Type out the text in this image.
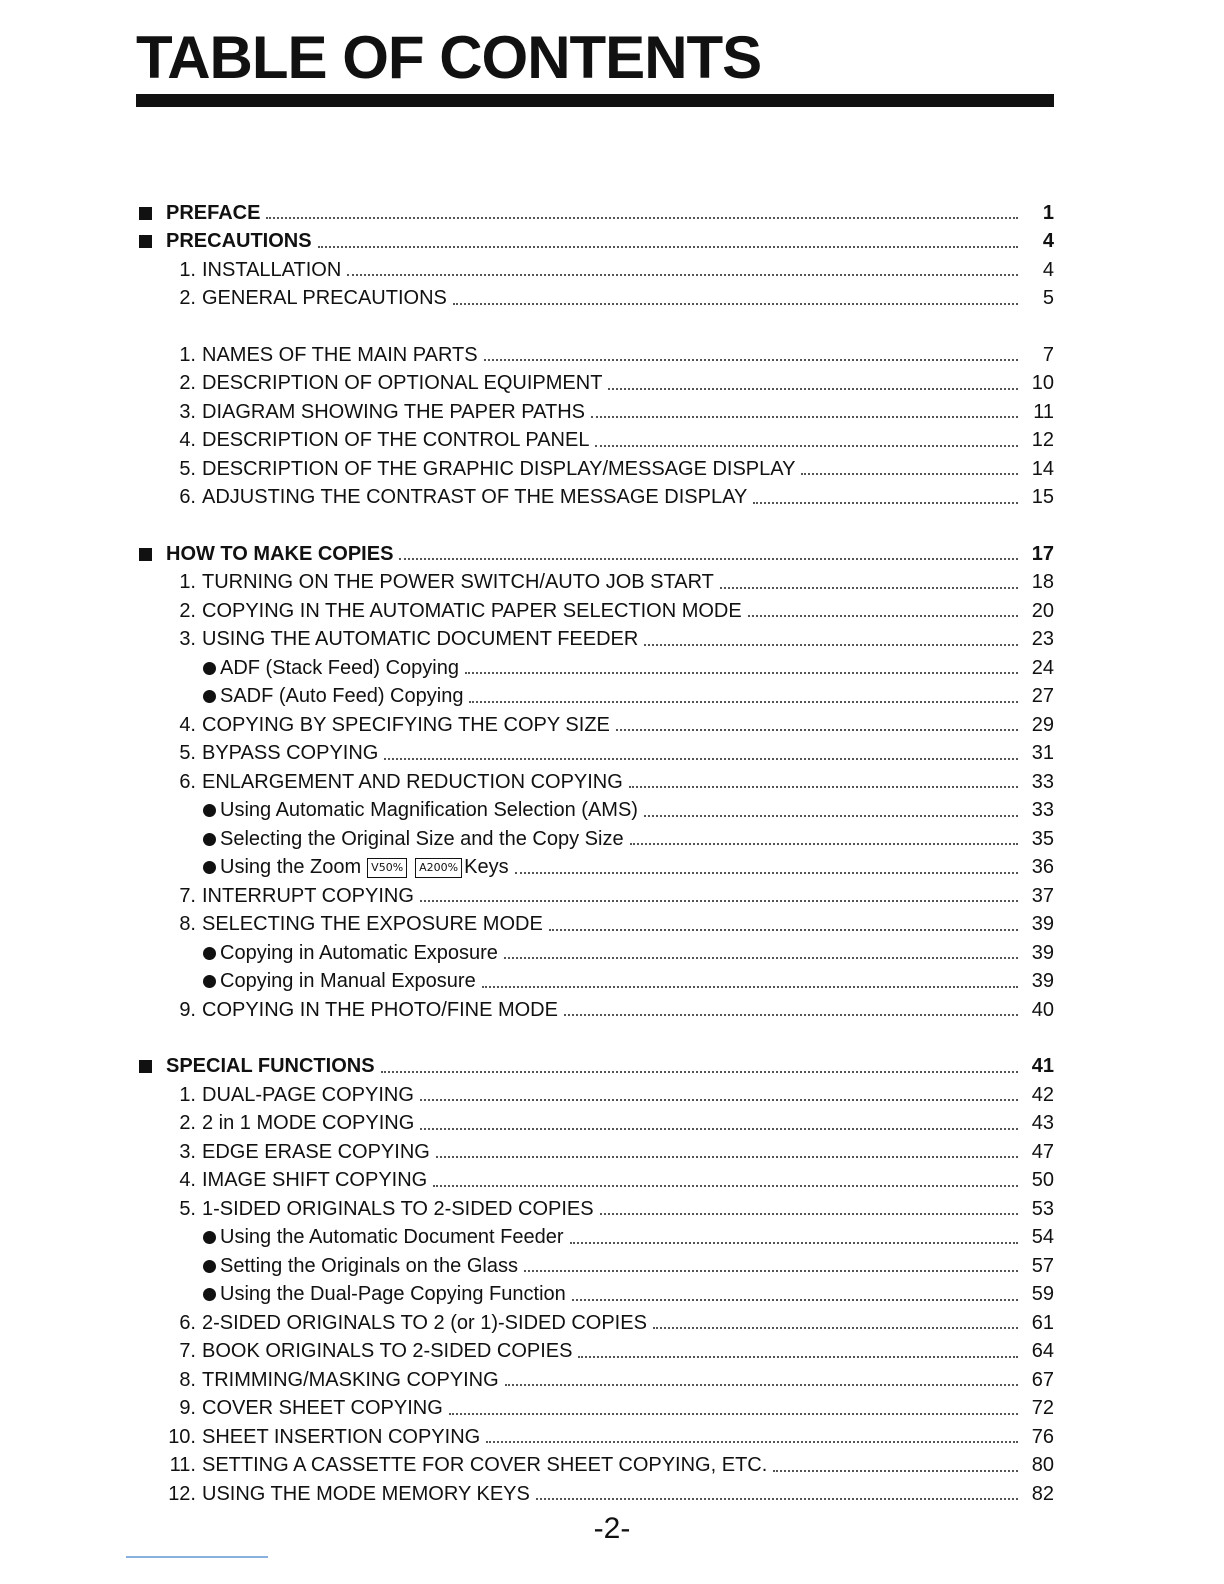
TABLE OF CONTENTS
PREFACE	1
PRECAUTIONS	4
1. INSTALLATION	4
2. GENERAL PRECAUTIONS	5
1. NAMES OF THE MAIN PARTS	7
2. DESCRIPTION OF OPTIONAL EQUIPMENT	10
3. DIAGRAM SHOWING THE PAPER PATHS	11
4. DESCRIPTION OF THE CONTROL PANEL	12
5. DESCRIPTION OF THE GRAPHIC DISPLAY/MESSAGE DISPLAY	14
6. ADJUSTING THE CONTRAST OF THE MESSAGE DISPLAY	15
HOW TO MAKE COPIES	17
1. TURNING ON THE POWER SWITCH/AUTO JOB START	18
2. COPYING IN THE AUTOMATIC PAPER SELECTION MODE	20
3. USING THE AUTOMATIC DOCUMENT FEEDER	23
ADF (Stack Feed) Copying	24
SADF (Auto Feed) Copying	27
4. COPYING BY SPECIFYING THE COPY SIZE	29
5. BYPASS COPYING	31
6. ENLARGEMENT AND REDUCTION COPYING	33
Using Automatic Magnification Selection (AMS)	33
Selecting the Original Size and the Copy Size	35
Using the Zoom V50%	A200% Keys	36
7. INTERRUPT COPYING	37
8. SELECTING THE EXPOSURE MODE	39
Copying in Automatic Exposure	39
Copying in Manual Exposure	39
9. COPYING IN THE PHOTO/FINE MODE	40
SPECIAL FUNCTIONS	41
1. DUAL-PAGE COPYING	42
2. 2 in 1 MODE COPYING	43
3. EDGE ERASE COPYING	47
4. IMAGE SHIFT COPYING	50
5. 1-SIDED ORIGINALS TO 2-SIDED COPIES	53
Using the Automatic Document Feeder	54
Setting the Originals on the Glass	57
Using the Dual-Page Copying Function	59
6. 2-SIDED ORIGINALS TO 2 (or 1)-SIDED COPIES	61
7. BOOK ORIGINALS TO 2-SIDED COPIES	64
8. TRIMMING/MASKING COPYING	67
9. COVER SHEET COPYING	72
10. SHEET INSERTION COPYING	76
11. SETTING A CASSETTE FOR COVER SHEET COPYING, ETC.	80
12. USING THE MODE MEMORY KEYS	82
-2-
